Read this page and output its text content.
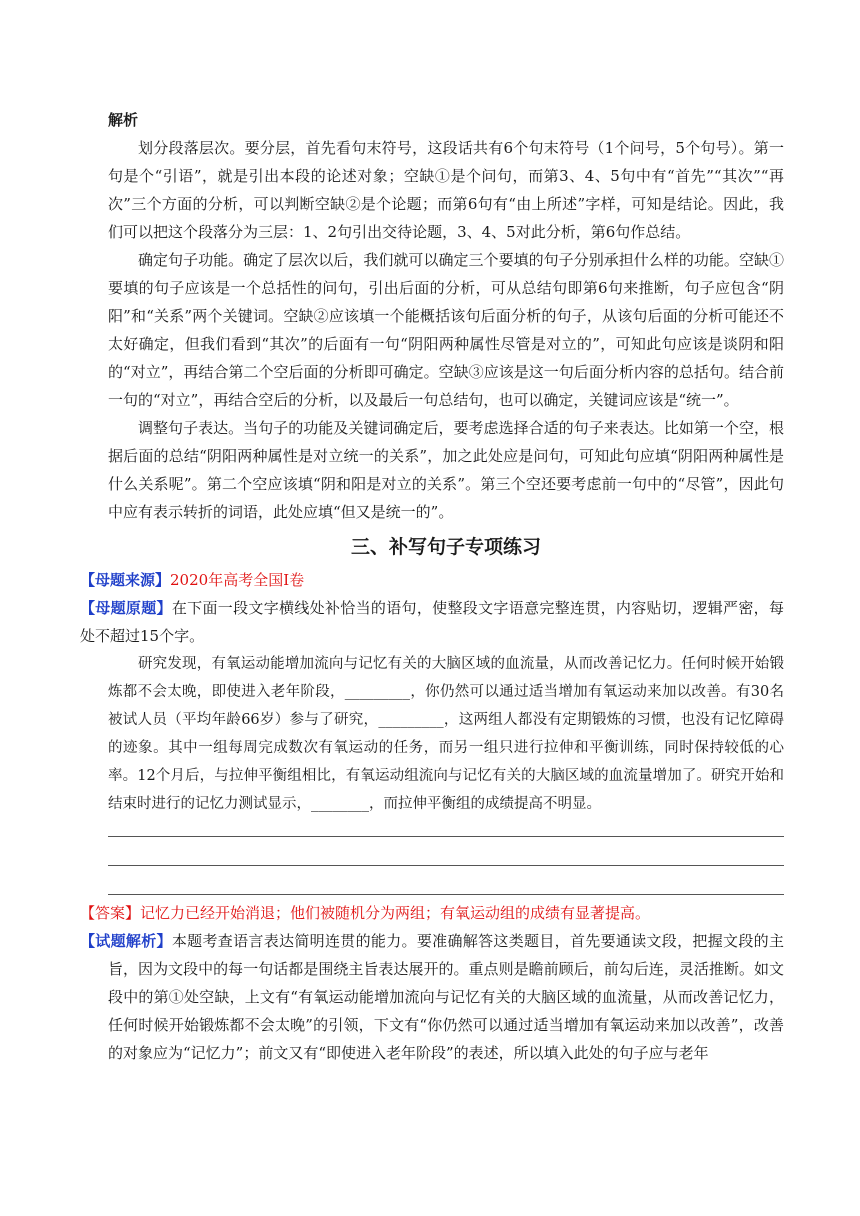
解析

划分段落层次。要分层，首先看句末符号，这段话共有6个句末符号（1个问号，5个句号）。第一句是个“引语”，就是引出本段的论述对象；空缺①是个问句，而第3、4、5句中有“首先”“其次”“再次”三个方面的分析，可以判断空缺②是个论题；而第6句有“由上所述”字样，可知是结论。因此，我们可以把这个段落分为三层：1、2句引出交待论题，3、4、5对此分析，第6句作总结。

确定句子功能。确定了层次以后，我们就可以确定三个要填的句子分别承担什么样的功能。空缺①要填的句子应该是一个总括性的问句，引出后面的分析，可从总结句即第6句来推断，句子应包含“阴阳”和“关系”两个关键词。空缺②应该填一个能概括该句后面分析的句子，从该句后面的分析可能还不太好确定，但我们看到“其次”的后面有一句“阴阳两种属性尽管是对立的”，可知此句应该是谈阴和阳的“对立”，再结合第二个空后面的分析即可确定。空缺③应该是这一句后面分析内容的总括句。结合前一句的“对立”，再结合空后的分析，以及最后一句总结句，也可以确定，关键词应该是“统一”。

调整句子表达。当句子的功能及关键词确定后，要考虑选择合适的句子来表达。比如第一个空，根据后面的总结“阴阳两种属性是对立统一的关系”，加之此处应是问句，可知此句应填“阴阳两种属性是什么关系呢”。第二个空应该填“阴和阳是对立的关系”。第三个空还要考虑前一句中的“尽管”，因此句中应有表示转折的词语，此处应填“但又是统一的”。

三、补写句子专项练习

【母题来源】2020年高考全国Ⅰ卷

【母题原题】在下面一段文字横线处补恰当的语句，使整段文字语意完整连贯，内容贴切，逻辑严密，每处不超过15个字。

研究发现，有氧运动能增加流向与记忆有关的大脑区域的血流量，从而改善记忆力。任何时候开始锻炼都不会太晚，即使进入老年阶段，_________，你仍然可以通过适当增加有氧运动来加以改善。有30名被试人员（平均年龄66岁）参与了研究，_________，这两组人都没有定期锻炼的习惯，也没有记忆障碍的迹象。其中一组每周完成数次有氧运动的任务，而另一组只进行拉伸和平衡训练，同时保持较低的心率。12个月后，与拉伸平衡组相比，有氧运动组流向与记忆有关的大脑区域的血流量增加了。研究开始和结束时进行的记忆力测试显示，________，而拉伸平衡组的成绩提高不明显。

【答案】记忆力已经开始消退；他们被随机分为两组；有氧运动组的成绩有显著提高。

【试题解析】本题考查语言表达简明连贯的能力。要准确解答这类题目，首先要通读文段，把握文段的主旨，因为文段中的每一句话都是围绕主旨表达展开的。重点则是瞻前顾后，前勾后连，灵活推断。如文段中的第①处空缺，上文有“有氧运动能增加流向与记忆有关的大脑区域的血流量，从而改善记忆力，任何时候开始锻炼都不会太晚”的引领，下文有“你仍然可以通过适当增加有氧运动来加以改善”，改善的对象应为“记忆力”；前文又有“即使进入老年阶段”的表述，所以填入此处的句子应与老年
